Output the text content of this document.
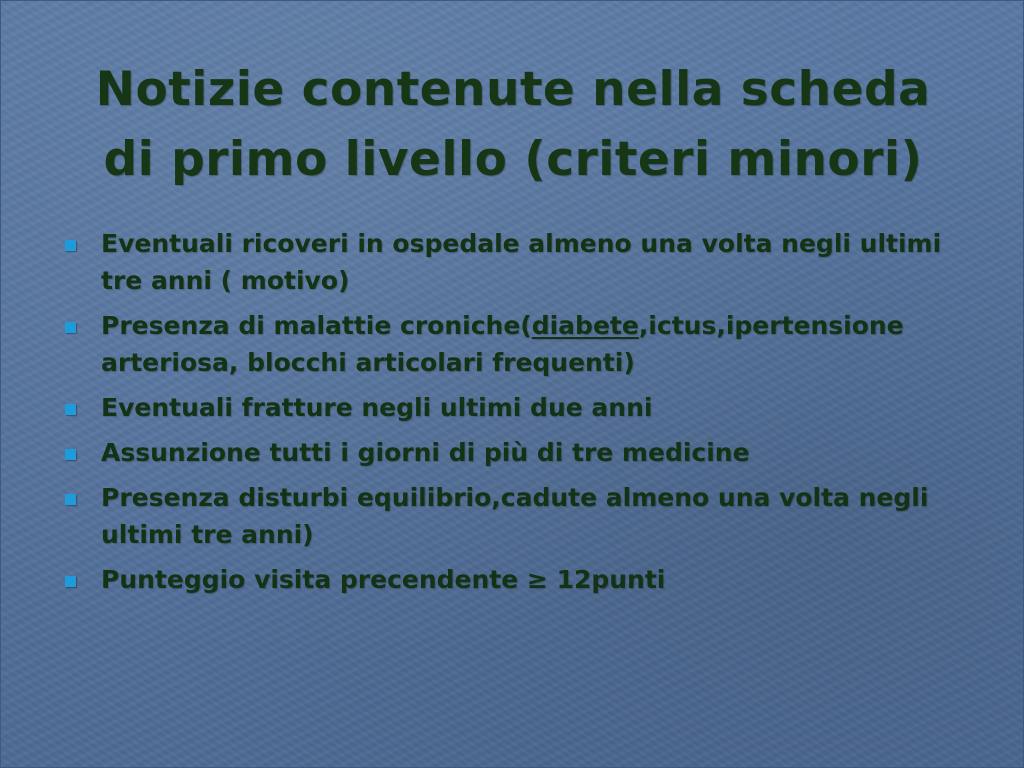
Notizie contenute nella scheda
di primo livello (criteri minori)
Eventuali ricoveri in ospedale almeno una volta negli ultimi tre anni ( motivo)
Presenza di malattie croniche(diabete,ictus,ipertensione arteriosa, blocchi articolari frequenti)
Eventuali fratture negli ultimi due anni
Assunzione tutti i giorni di più di tre medicine
Presenza disturbi equilibrio,cadute almeno una volta negli ultimi tre anni)
Punteggio visita precendente ≥ 12punti
